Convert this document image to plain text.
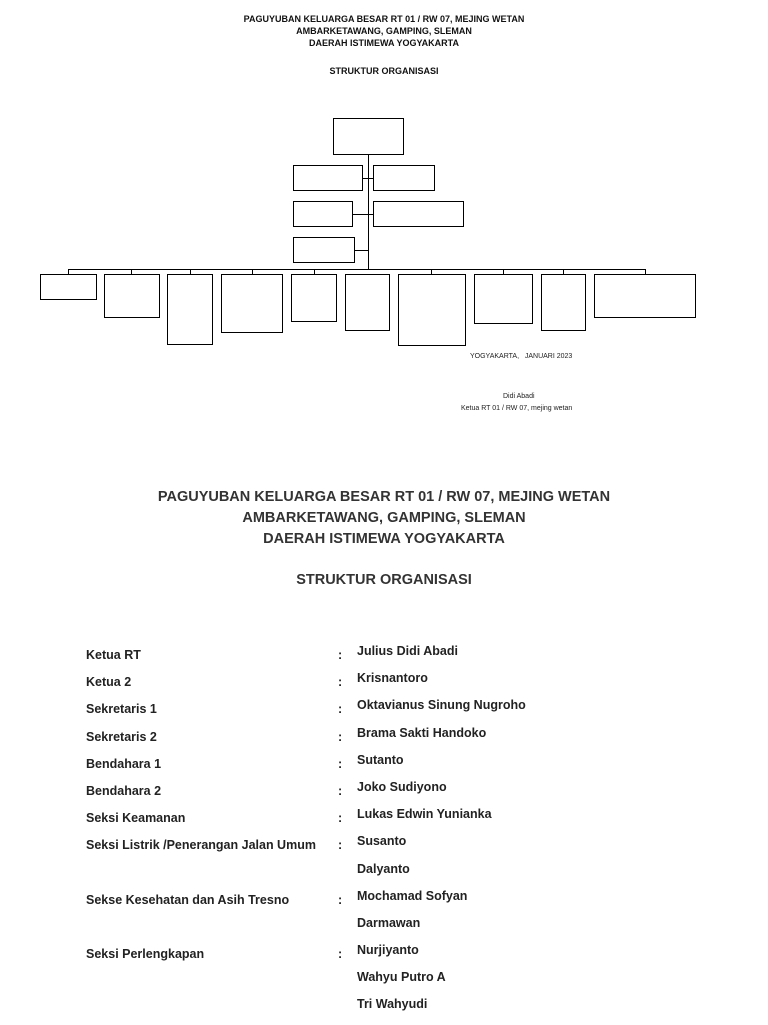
PAGUYUBAN KELUARGA BESAR RT 01 / RW 07, MEJING WETAN
AMBARKETAWANG, GAMPING, SLEMAN
DAERAH ISTIMEWA YOGYAKARTA
STRUKTUR ORGANISASI
YOGYAKARTA,   JANUARI 2023
Didi Abadi
Ketua RT 01 / RW 07, mejing wetan
PAGUYUBAN KELUARGA BESAR RT 01 / RW 07, MEJING WETAN
AMBARKETAWANG, GAMPING, SLEMAN
DAERAH ISTIMEWA YOGYAKARTA
STRUKTUR ORGANISASI
Ketua RT	: Julius Didi Abadi
Ketua 2	: Krisnantoro
Sekretaris 1	: Oktavianus Sinung Nugroho
Sekretaris 2	: Brama Sakti Handoko
Bendahara 1	: Sutanto
Bendahara 2	: Joko Sudiyono
Seksi Keamanan	: Lukas Edwin Yunianka
Seksi Listrik /Penerangan Jalan Umum : Susanto
Dalyanto
Sekse Kesehatan dan Asih Tresno	: Mochamad Sofyan
Darmawan
Seksi Perlengkapan	: Nurjiyanto
Wahyu Putro A
Tri Wahyudi
